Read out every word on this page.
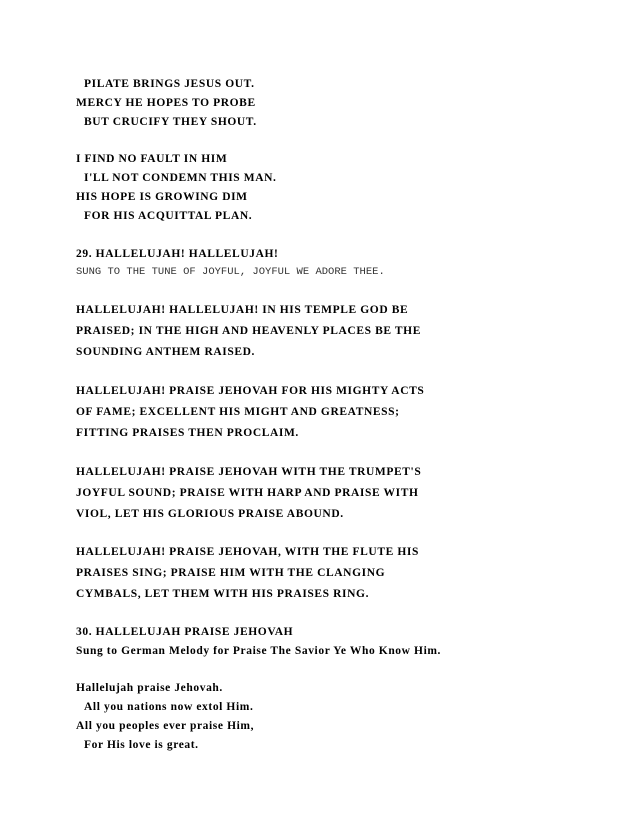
PILATE BRINGS JESUS OUT.
MERCY HE HOPES TO PROBE
BUT CRUCIFY THEY SHOUT.
I FIND NO FAULT IN HIM
I'LL NOT CONDEMN THIS MAN.
HIS HOPE IS GROWING DIM
FOR HIS ACQUITTAL PLAN.
29. HALLELUJAH! HALLELUJAH!
SUNG TO THE TUNE OF JOYFUL, JOYFUL WE ADORE THEE.
HALLELUJAH! HALLELUJAH! IN HIS TEMPLE GOD BE
PRAISED; IN THE HIGH AND HEAVENLY PLACES BE THE
SOUNDING ANTHEM RAISED.
HALLELUJAH! PRAISE JEHOVAH FOR HIS MIGHTY ACTS
OF FAME; EXCELLENT HIS MIGHT AND GREATNESS;
FITTING PRAISES THEN PROCLAIM.
HALLELUJAH! PRAISE JEHOVAH WITH THE TRUMPET'S
JOYFUL SOUND; PRAISE WITH HARP AND PRAISE WITH
VIOL, LET HIS GLORIOUS PRAISE ABOUND.
HALLELUJAH! PRAISE JEHOVAH, WITH THE FLUTE HIS
PRAISES SING; PRAISE HIM WITH THE CLANGING
CYMBALS, LET THEM WITH HIS PRAISES RING.
30. HALLELUJAH PRAISE JEHOVAH
Sung to German Melody for Praise The Savior Ye Who Know Him.
Hallelujah praise Jehovah.
All you nations now extol Him.
All you peoples ever praise Him,
For His love is great.
